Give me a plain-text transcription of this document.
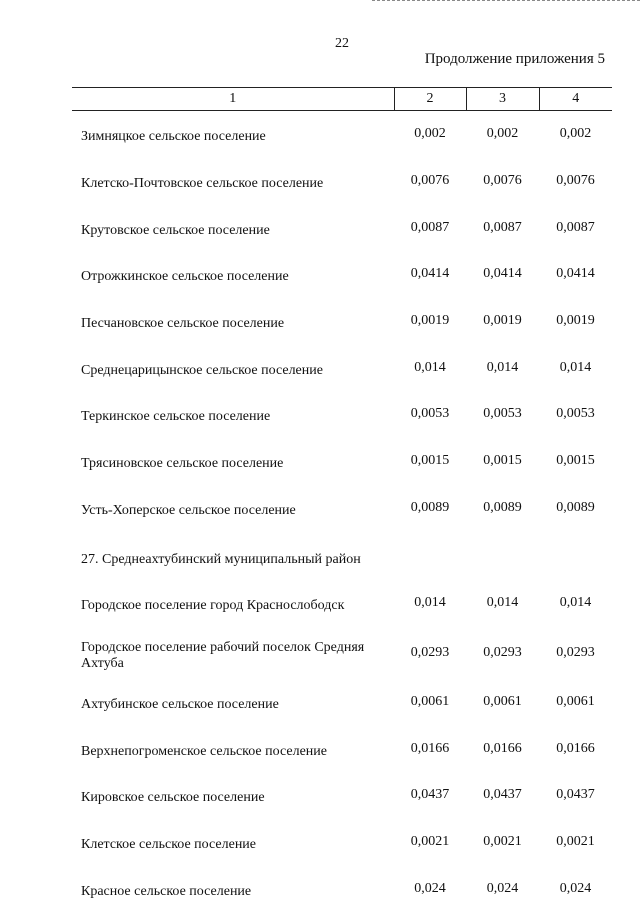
22
Продолжение приложения 5
1	2	3	4
Зимняцкое сельское поселение	0,002	0,002	0,002
Клетско-Почтовское сельское поселение	0,0076	0,0076	0,0076
Крутовское сельское поселение	0,0087	0,0087	0,0087
Отрожкинское сельское поселение	0,0414	0,0414	0,0414
Песчановское сельское поселение	0,0019	0,0019	0,0019
Среднецарицынское сельское поселение	0,014	0,014	0,014
Теркинское сельское поселение	0,0053	0,0053	0,0053
Трясиновское сельское поселение	0,0015	0,0015	0,0015
Усть-Хоперское сельское поселение	0,0089	0,0089	0,0089
27. Среднеахтубинский муниципальный район			
Городское поселение город Краснослободск	0,014	0,014	0,014
Городское поселение рабочий поселок Средняя Ахтуба	0,0293	0,0293	0,0293
Ахтубинское сельское поселение	0,0061	0,0061	0,0061
Верхнепогроменское сельское поселение	0,0166	0,0166	0,0166
Кировское сельское поселение	0,0437	0,0437	0,0437
Клетское сельское поселение	0,0021	0,0021	0,0021
Красное сельское поселение	0,024	0,024	0,024
